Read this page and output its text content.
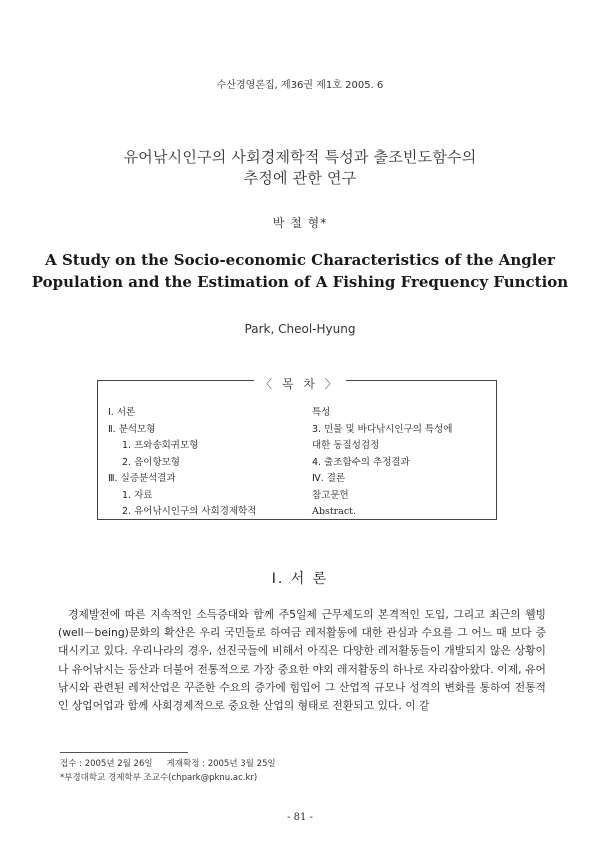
수산경영론집, 제36권 제1호 2005. 6
유어낚시인구의 사회경제학적 특성과 출조빈도함수의
추정에 관한 연구
박 철 형*
A Study on the Socio-economic Characteristics of the Angler
Population and the Estimation of A Fishing Frequency Function
Park, Cheol-Hyung
〈 목 차 〉
Ⅰ. 서론
Ⅱ. 분석모형
1. 프와송회귀모형
2. 음이항모형
Ⅲ. 실증분석결과
1. 자료
2. 유어낚시인구의 사회경제학적
특성
3. 민물 및 바다낚시인구의 특성에
대한 동질성검정
4. 출조함수의 추정결과
Ⅳ. 결론
참고문헌
Abstract.
Ⅰ. 서 론
경제발전에 따른 지속적인 소득증대와 함께 주5일제 근무제도의 본격적인 도입, 그리고 최근의 웰빙(well－being)문화의 확산은 우리 국민들로 하여금 레저활동에 대한 관심과 수요를 그 어느 때 보다 증대시키고 있다. 우리나라의 경우, 선진국들에 비해서 아직은 다양한 레저활동들이 개발되지 않은 상황이나 유어낚시는 등산과 더불어 전통적으로 가장 중요한 야외 레저활동의 하나로 자리잡아왔다. 이제, 유어낚시와 관련된 레저산업은 꾸준한 수요의 증가에 힘입어 그 산업적 규모나 성격의 변화를 통하여 전통적인 상업어업과 함께 사회경제적으로 중요한 산업의 형태로 전환되고 있다. 이 같
접수 : 2005년 2월 26일 게재확정 : 2005년 3월 25일
*부경대학교 경제학부 조교수(chpark@pknu.ac.kr)
- 81 -
